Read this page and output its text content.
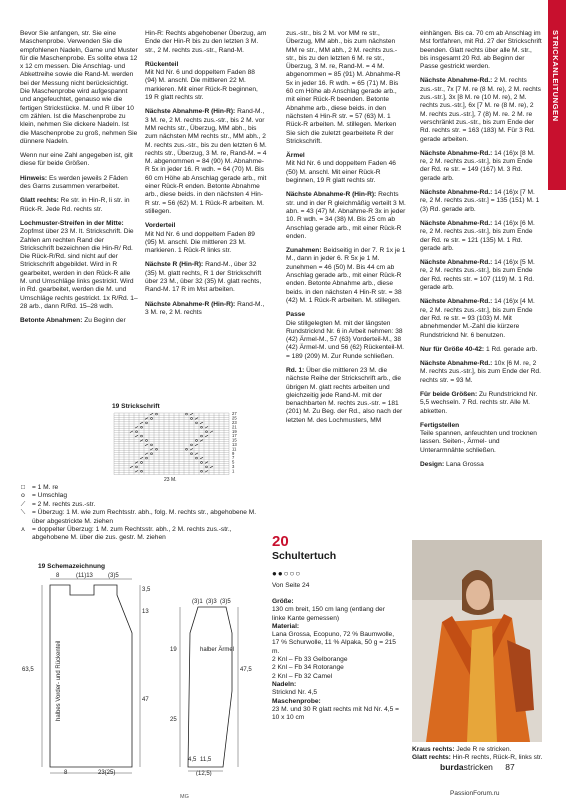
STRICKANLEITUNGEN

Bevor Sie anfangen, str. Sie eine Maschenprobe. Verwenden Sie die empfohlenen Nadeln, Garne und Muster für die Maschenprobe. Es sollte etwa 12 x 12 cm messen. Die Anschlag- und Abkettreihe sowie die Rand-M. werden bei der Messung nicht berücksichtigt. Die Maschenprobe wird aufgespannt und angefeuchtet, genauso wie die fertigen Strickstücke. M. und R über 10 cm zählen. Ist die Maschenprobe zu klein, nehmen Sie dickere Nadeln. Ist die Maschenprobe zu groß, nehmen Sie dünnere Nadeln.

Wenn nur eine Zahl angegeben ist, gilt diese für beide Größen.

Hinweis: Es werden jeweils 2 Fäden des Garns zusammen verarbeitet.

Glatt rechts: Re str. in Hin-R, li str. in Rück-R. Jede Rd. rechts str.

Lochmuster-Streifen in der Mitte: Zopfmst über 23 M. lt. Strickschrift. Die Zahlen am rechten Rand der Strickschrift bezeichnen die Hin-R/ Rd. Die Rück-R/Rd. sind nicht auf der Strickschrift abgebildet. Wird in R gearbeitet, werden in den Rück-R alle M. und Umschläge links gestrickt. Wird in Rd. gearbeitet, werden die M. und Umschläge rechts gestrickt. 1x R/Rd. 1–28 arb., dann R/Rd. 15–28 wdh.

Betonte Abnahmen: Zu Beginn der

Hin-R: Rechts abgehobener Überzug, am Ende der Hin-R bis zu den letzten 3 M. str., 2 M. rechts zus.-str., Rand-M.

Rückenteil

Mit Nd Nr. 6 und doppeltem Faden 88 (94) M. anschl. Die mittleren 22 M. markieren. Mit einer Rück-R beginnen, 19 R glatt rechts str.

Nächste Abnahme-R (Hin-R): Rand-M., 3 M. re, 2 M. rechts zus.-str., bis 2 M. vor MM rechts str., Überzug, MM abh., bis zum nächsten MM rechts str., MM abh., 2 M. rechts zus.-str., bis zu den letzten 6 M. rechts str., Überzug, 3 M. re, Rand-M. = 4 M. abgenommen = 84 (90) M. Abnahme-R 5x in jeder 16. R wdh. = 64 (70) M. Bis 60 cm Höhe ab Anschlag gerade arb., mit einer Rück-R enden. Betonte Abnahme arb., diese beids. in den nächsten 4 Hin-R str. = 56 (62) M. 1 Rück-R arbeiten. M. stillegen.

Vorderteil

Mit Nd Nr. 6 und doppeltem Faden 89 (95) M. anschl. Die mittleren 23 M. markieren. 1 Rück-R links str.

Nächste R (Hin-R): Rand-M., über 32 (35) M. glatt rechts, R 1 der Strickschrift über 23 M., über 32 (35) M. glatt rechts, Rand-M. 17 R im Mst arbeiten.

Nächste Abnahme-R (Hin-R): Rand-M., 3 M. re, 2 M. rechts

zus.-str., bis 2 M. vor MM re str., Überzug, MM abh., bis zum nächsten MM re str., MM abh., 2 M. rechts zus.-str., bis zu den letzten 6 M. re str., Überzug, 3 M. re, Rand-M. = 4 M. abgenommen = 85 (91) M. Abnahme-R 5x in jeder 16. R wdh. = 65 (71) M. Bis 60 cm Höhe ab Anschlag gerade arb., mit einer Rück-R beenden. Betonte Abnahme arb., diese beids. in den nächsten 4 Hin-R str. = 57 (63) M. 1 Rück-R arbeiten. M. stillegen. Merken Sie sich die zuletzt gearbeitete R der Strickschrift.

Ärmel

Mit Nd Nr. 6 und doppeltem Faden 46 (50) M. anschl. Mit einer Rück-R beginnen, 19 R glatt rechts str.

Nächste Abnahme-R (Hin-R): Rechts str. und in der R gleichmäßig verteilt 3 M. abn. = 43 (47) M. Abnahme-R 3x in jeder 10. R wdh. = 34 (38) M. Bis 25 cm ab Anschlag gerade arb., mit einer Rück-R enden.

Zunahmen: Beidseitig in der 7. R 1x je 1 M., dann in jeder 6. R 5x je 1 M. zunehmen = 46 (50) M. Bis 44 cm ab Anschlag gerade arb., mit einer Rück-R enden. Betonte Abnahme arb., diese beids. in den nächsten 4 Hin-R str. = 38 (42) M. 1 Rück-R arbeiten. M. stillegen.

Passe

Die stillgelegten M. mit der längsten Rundstricknd Nr. 6 in Arbeit nehmen: 38 (42) Ärmel-M., 57 (63) Vorderteil-M., 38 (42) Ärmel-M. und 56 (62) Rückenteil-M. = 189 (209) M. Zur Runde schließen.

Rd. 1: Über die mittleren 23 M. die nächste Reihe der Strickschrift arb., die übrigen M. glatt rechts arbeiten und gleichzeitig jede Rand-M. mit der benachbarten M. rechts zus.-str. = 181 (201) M. Zu Beg. der Rd., also nach der letzten M. des Lochmusters, MM

einhängen. Bis ca. 70 cm ab Anschlag im Mst fortfahren, mit Rd. 27 der Strickschrift beenden. Glatt rechts über alle M. str., bis insgesamt 20 Rd. ab Beginn der Passe gestrickt werden.

Nächste Abnahme-Rd.: 2 M. rechts zus.-str., 7x [7 M. re (8 M. re), 2 M. rechts zus.-str.], 3x [8 M. re (10 M. re), 2 M. rechts zus.-str.], 6x [7 M. re (8 M. re), 2 M. rechts zus.-str.], 7 (8) M. re. 2 M. re verschränkt zus.-str., bis zum Ende der Rd. rechts str. = 163 (183) M. Für 3 Rd. gerade arbeiten.

Nächste Abnahme-Rd.: 14 (16)x [8 M. re, 2 M. rechts zus.-str.], bis zum Ende der Rd. re str. = 149 (167) M. 3 Rd. gerade arb.

Nächste Abnahme-Rd.: 14 (16)x [7 M. re, 2 M. rechts zus.-str.] = 135 (151) M. 1 (3) Rd. gerade arb.

Nächste Abnahme-Rd.: 14 (16)x [6 M. re, 2 M. rechts zus.-str.], bis zum Ende der Rd. re str. = 121 (135) M. 1 Rd. gerade arb.

Nächste Abnahme-Rd.: 14 (16)x [5 M. re, 2 M. rechts zus.-str.], bis zum Ende der Rd. rechts str. = 107 (119) M. 1 Rd. gerade arb.

Nächste Abnahme-Rd.: 14 (16)x [4 M. re, 2 M. rechts zus.-str.], bis zum Ende der Rd. re str. = 93 (103) M. Mit abnehmender M.-Zahl die kürzere Rundstricknd Nr. 6 benutzen.

Nur für Größe 40-42: 1 Rd. gerade arb.

Nächste Abnahme-Rd.: 10x [6 M. re, 2 M. rechts zus.-str.], bis zum Ende der Rd. rechts str. = 93 M.

Für beide Größen: Zu Rundstricknd Nr. 5,5 wechseln. 7 Rd. rechts str. Alle M. abketten.

Fertigstellen

Teile spannen, anfeuchten und trocknen lassen. Seiten-, Ärmel- und Unterarmnähte schließen.

Design: Lana Grossa

19 Strickschrift
27
25
23
21
19
17
15
13
11
9
7
5
3
1
23 M.
□	= 1 M. re
o	= Umschlag
⟋	= 2 M. rechts zus.-str.
⟍	= Überzug: 1 M. wie zum Rechtsstr. abh., folg. M. rechts str., abgehobene M. über abgestrickte M. ziehen
⋏ = doppelter Überzug: 1 M. zum Rechtsstr. abh., 2 M. rechts zus.-str., abgehobene M. über die zus. gestr. M. ziehen
19 Schemazeichnung
8	(11)13	(3)5
63,5
3,5
13
47
8	23(25)
(3)1 (3)3 (3)5
19
25
47,5
4,5 11,5
(12,5)
halbes Vorder- und Rückenteil	halber Ärmel
20
Schultertuch
●●○○○
Von Seite 24

Größe:

130 cm breit, 150 cm lang (entlang der linke Kante gemessen)

Material:

Lana Grossa, Ecopuno, 72 % Baumwolle, 17 % Schurwolle, 11 % Alpaka, 50 g = 215 m.

2 Knl – Fb 33 Gelborange

2 Knl – Fb 34 Rotorange

2 Knl – Fb 32 Camel

Nadeln:

Stricknd Nr. 4,5

Maschenprobe:

23 M. und 30 R glatt rechts mit Nd Nr. 4,5 = 10 x 10 cm

Kraus rechts: Jede R re stricken.
Glatt rechts: Hin-R rechts, Rück-R, links str.
burdastricken 87
PassionForum.ru
MG
